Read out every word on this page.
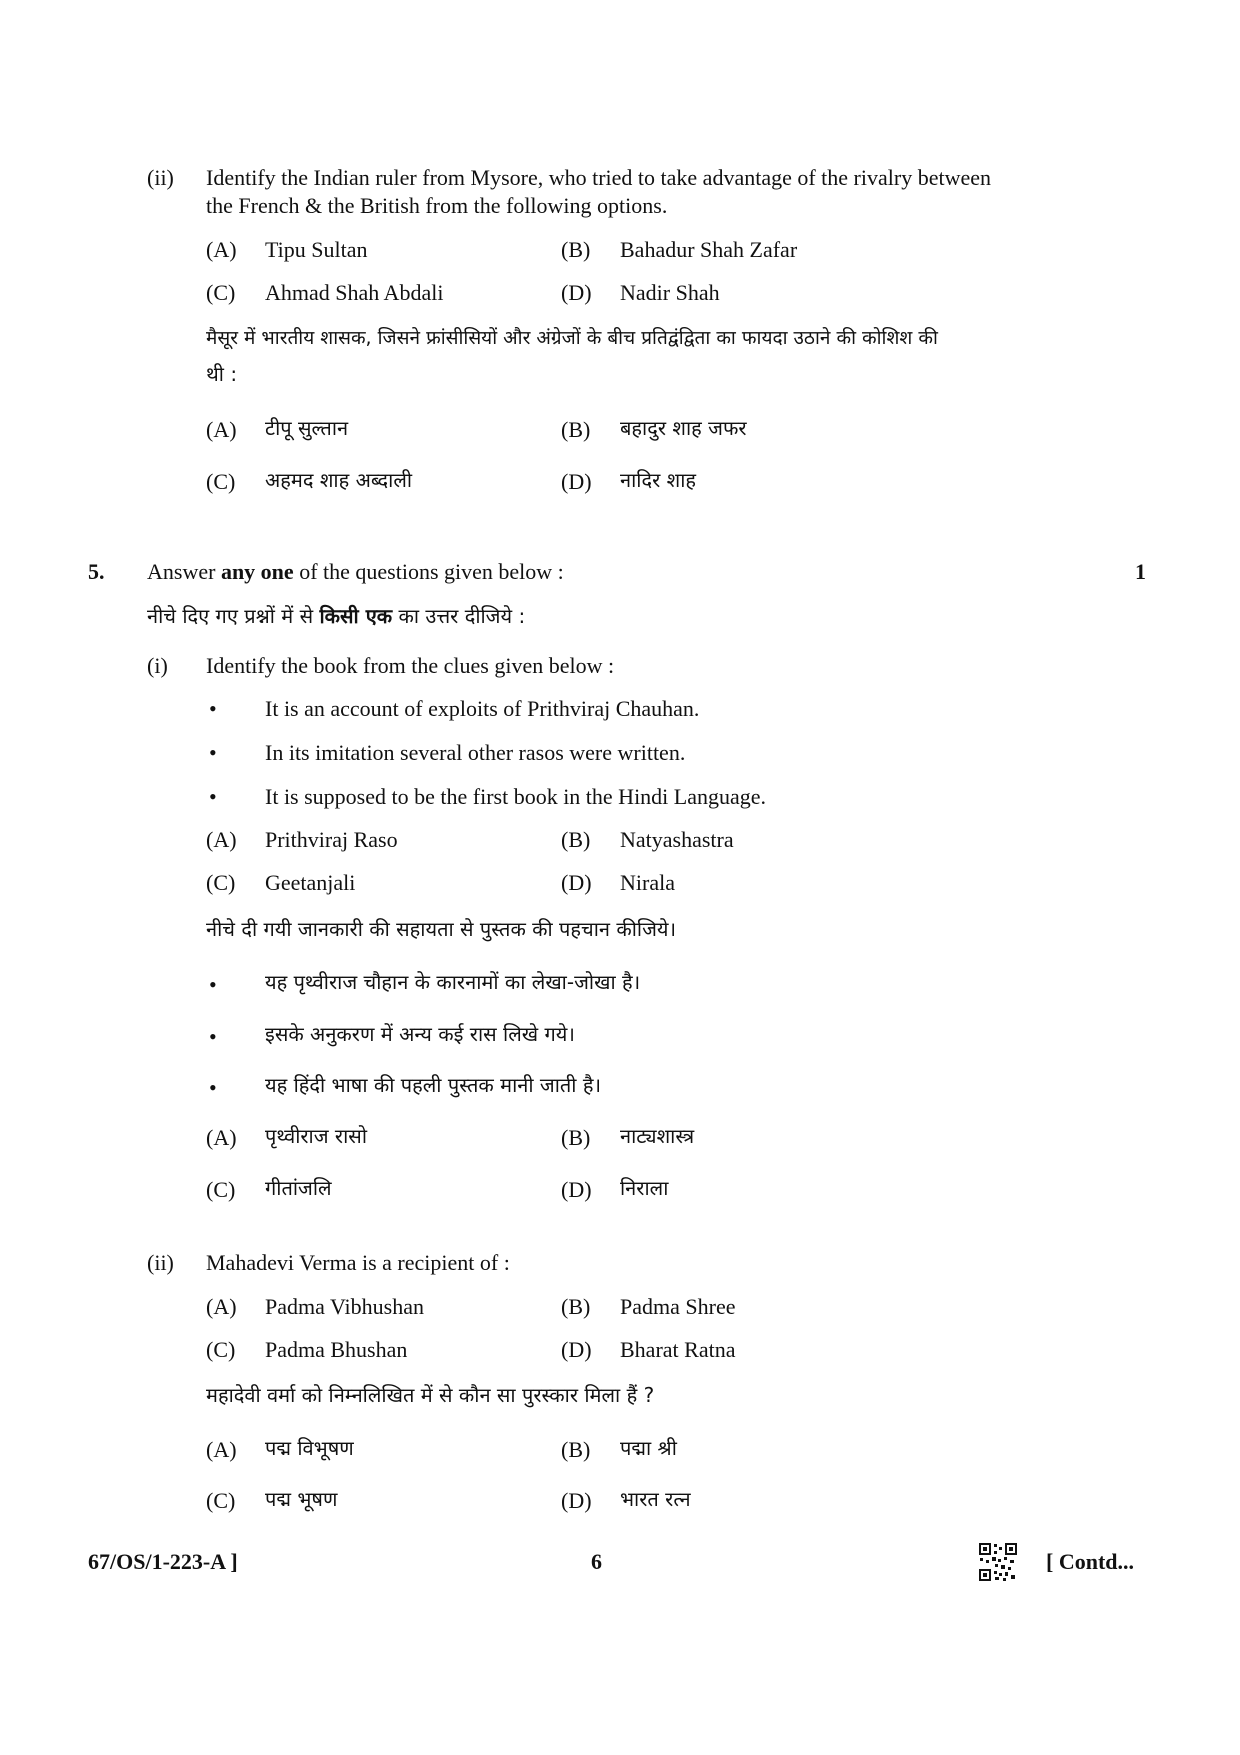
(ii) Identify the Indian ruler from Mysore, who tried to take advantage of the rivalry between
the French & the British from the following options.
(A) Tipu Sultan	(B) Bahadur Shah Zafar
(C) Ahmad Shah Abdali	(D) Nadir Shah
मैसूर में भारतीय शासक, जिसने फ्रांसीसियों और अंग्रेजों के बीच प्रतिद्वंद्विता का फायदा उठाने की कोशिश की
थी :
(A) टीपू सुल्तान	(B) बहादुर शाह जफर
(C) अहमद शाह अब्दाली	(D) नादिर शाह
5. Answer any one of the questions given below :	1
नीचे दिए गए प्रश्नों में से किसी एक का उत्तर दीजिये :
(i) Identify the book from the clues given below :
• It is an account of exploits of Prithviraj Chauhan.
• In its imitation several other rasos were written.
• It is supposed to be the first book in the Hindi Language.
(A) Prithviraj Raso	(B) Natyashastra
(C) Geetanjali	(D) Nirala
नीचे दी गयी जानकारी की सहायता से पुस्तक की पहचान कीजिये।
• यह पृथ्वीराज चौहान के कारनामों का लेखा-जोखा है।
• इसके अनुकरण में अन्य कई रास लिखे गये।
• यह हिंदी भाषा की पहली पुस्तक मानी जाती है।
(A) पृथ्वीराज रासो	(B) नाट्यशास्त्र
(C) गीतांजलि	(D) निराला
(ii) Mahadevi Verma is a recipient of :
(A) Padma Vibhushan	(B) Padma Shree
(C) Padma Bhushan	(D) Bharat Ratna
महादेवी वर्मा को निम्नलिखित में से कौन सा पुरस्कार मिला हैं ?
(A) पद्म विभूषण	(B) पद्मा श्री
(C) पद्म भूषण	(D) भारत रत्न
67/OS/1-223-A ]	6	[ Contd...
